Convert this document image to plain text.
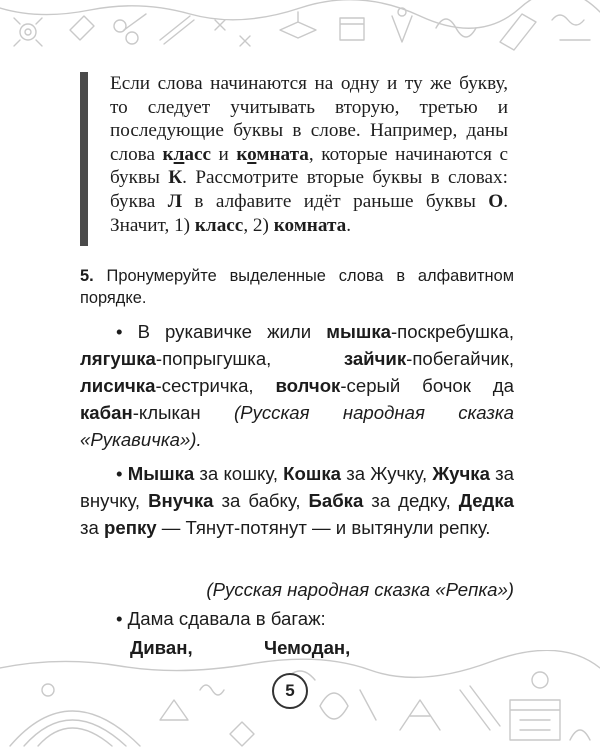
Если слова начинаются на одну и ту же букву, то следует учитывать вторую, третью и последующие буквы в слове. Например, даны слова класс и комната, которые начинаются с буквы К. Рассмотрите вторые буквы в словах: буква Л в алфавите идёт раньше буквы О. Значит, 1) класс, 2) комната.

5. Пронумеруйте выделенные слова в алфавитном порядке.

• В рукавичке жили мышка-поскребушка, лягушка-попрыгушка, зайчик-побегайчик, лисичка-сестричка, волчок-серый бочок да кабан-клыкан (Русская народная сказка «Рукавичка»).

• Мышка за кошку, Кошка за Жучку, Жучка за внучку, Внучка за бабку, Бабка за дедку, Дедка за репку — Тянут-потянут — и вытянули репку.

(Русская народная сказка «Репка»)

• Дама сдавала в багаж:

Диван,	Чемодан,
5
